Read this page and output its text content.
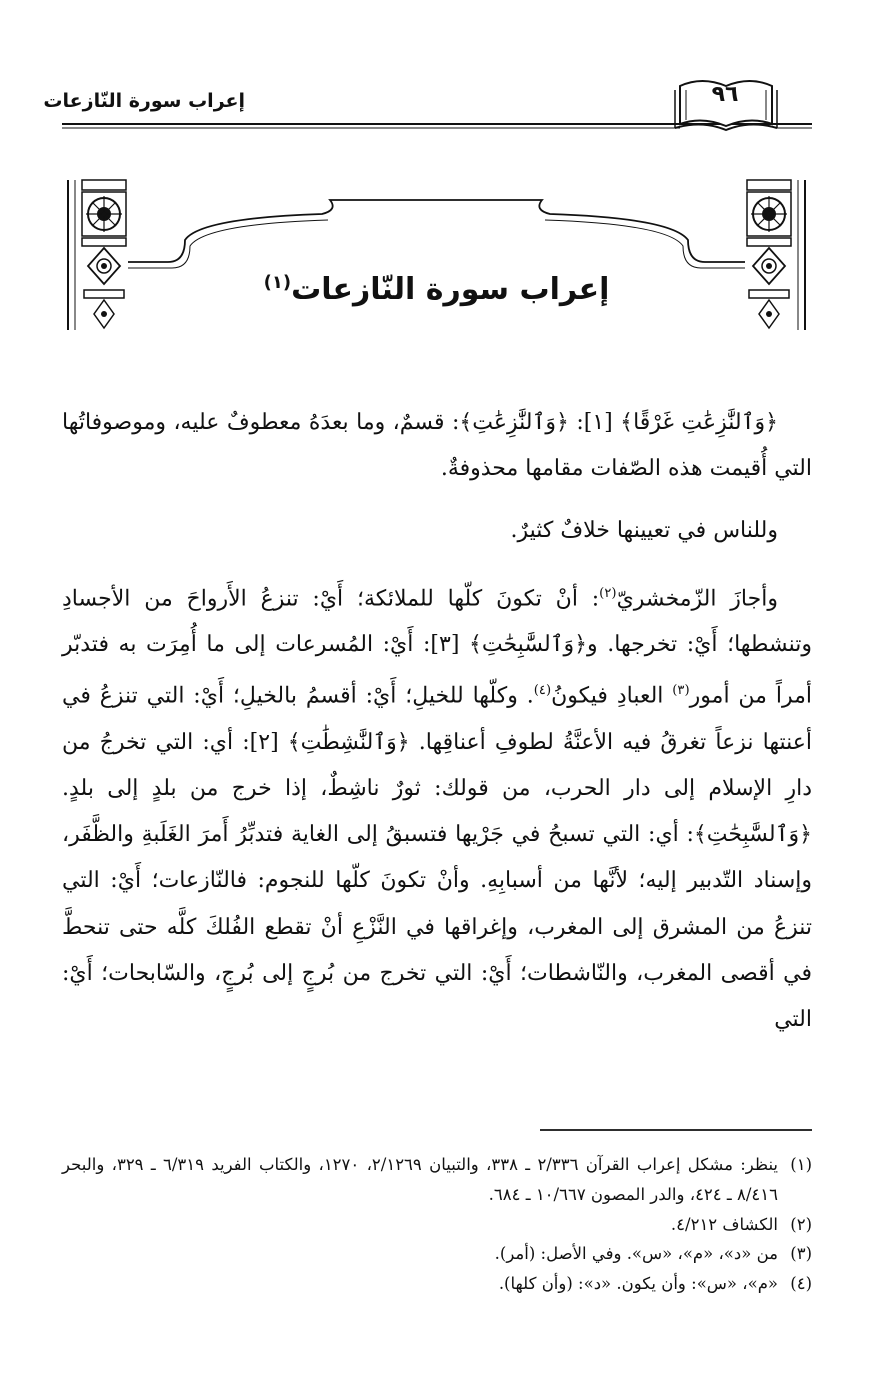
٩٦
إعراب سورة النّازعات
إعراب سورة النّازعات$^{(١)}$

﴿وَٱلنَّٰزِعَٰتِ غَرْقًا﴾ [١]: ﴿وَٱلنَّٰزِعَٰتِ﴾: قسمٌ، وما بعدَهُ معطوفٌ عليه، وموصوفاتُها التي أُقيمت هذه الصّفات مقامها محذوفةٌ.

وللناس في تعيينها خلافٌ كثيرٌ.

وأجازَ الزّمخشريّ$^{(٢)}$: أنْ تكونَ كلّها للملائكة؛ أَيْ: تنزعُ الأَرواحَ من الأجسادِ وتنشطها؛ أَيْ: تخرجها. و﴿وَٱلسَّٰبِحَٰتِ﴾ [٣]: أَيْ: المُسرعات إلى ما أُمِرَت به فتدبّر أمراً من أمور$^{(٣)}$ العبادِ فيكونُ$^{(٤)}$. وكلّها للخيلِ؛ أَيْ: أقسمُ بالخيلِ؛ أَيْ: التي تنزعُ في أعنتها نزعاً تغرقُ فيه الأعنَّةُ لطوفِ أعناقِها. ﴿وَٱلنَّٰشِطَٰتِ﴾ [٢]: أي: التي تخرجُ من دارِ الإسلام إلى دار الحرب، من قولك: ثورٌ ناشِطٌ، إذا خرج من بلدٍ إلى بلدٍ. ﴿وَٱلسَّٰبِحَٰتِ﴾: أي: التي تسبحُ في جَرْيها فتسبقُ إلى الغاية فتدبِّرُ أَمرَ الغَلَبةِ والظَّفَر، وإسناد التّدبير إليه؛ لأنَّها من أسبابِهِ. وأنْ تكونَ كلّها للنجوم: فالنّازعات؛ أَيْ: التي تنزعُ من المشرق إلى المغرب، وإغراقها في النَّزْعِ أنْ تقطع الفُلكَ كلَّه حتى تنحطَّ في أقصى المغرب، والنّاشطات؛ أَيْ: التي تخرج من بُرجٍ إلى بُرجٍ، والسّابحات؛ أَيْ: التي

(١)
ينظر: مشكل إعراب القرآن ٢/٣٣٦ ـ ٣٣٨، والتبيان ٢/١٢٦٩، ١٢٧٠، والكتاب الفريد ٦/٣١٩ ـ ٣٢٩، والبحر ٨/٤١٦ ـ ٤٢٤، والدر المصون ١٠/٦٦٧ ـ ٦٨٤.
(٢)
الكشاف ٤/٢١٢.
(٣)
من «د»، «م»، «س». وفي الأصل: (أمر).
(٤)
«م»، «س»: وأن يكون. «د»: (وأن كلها).
